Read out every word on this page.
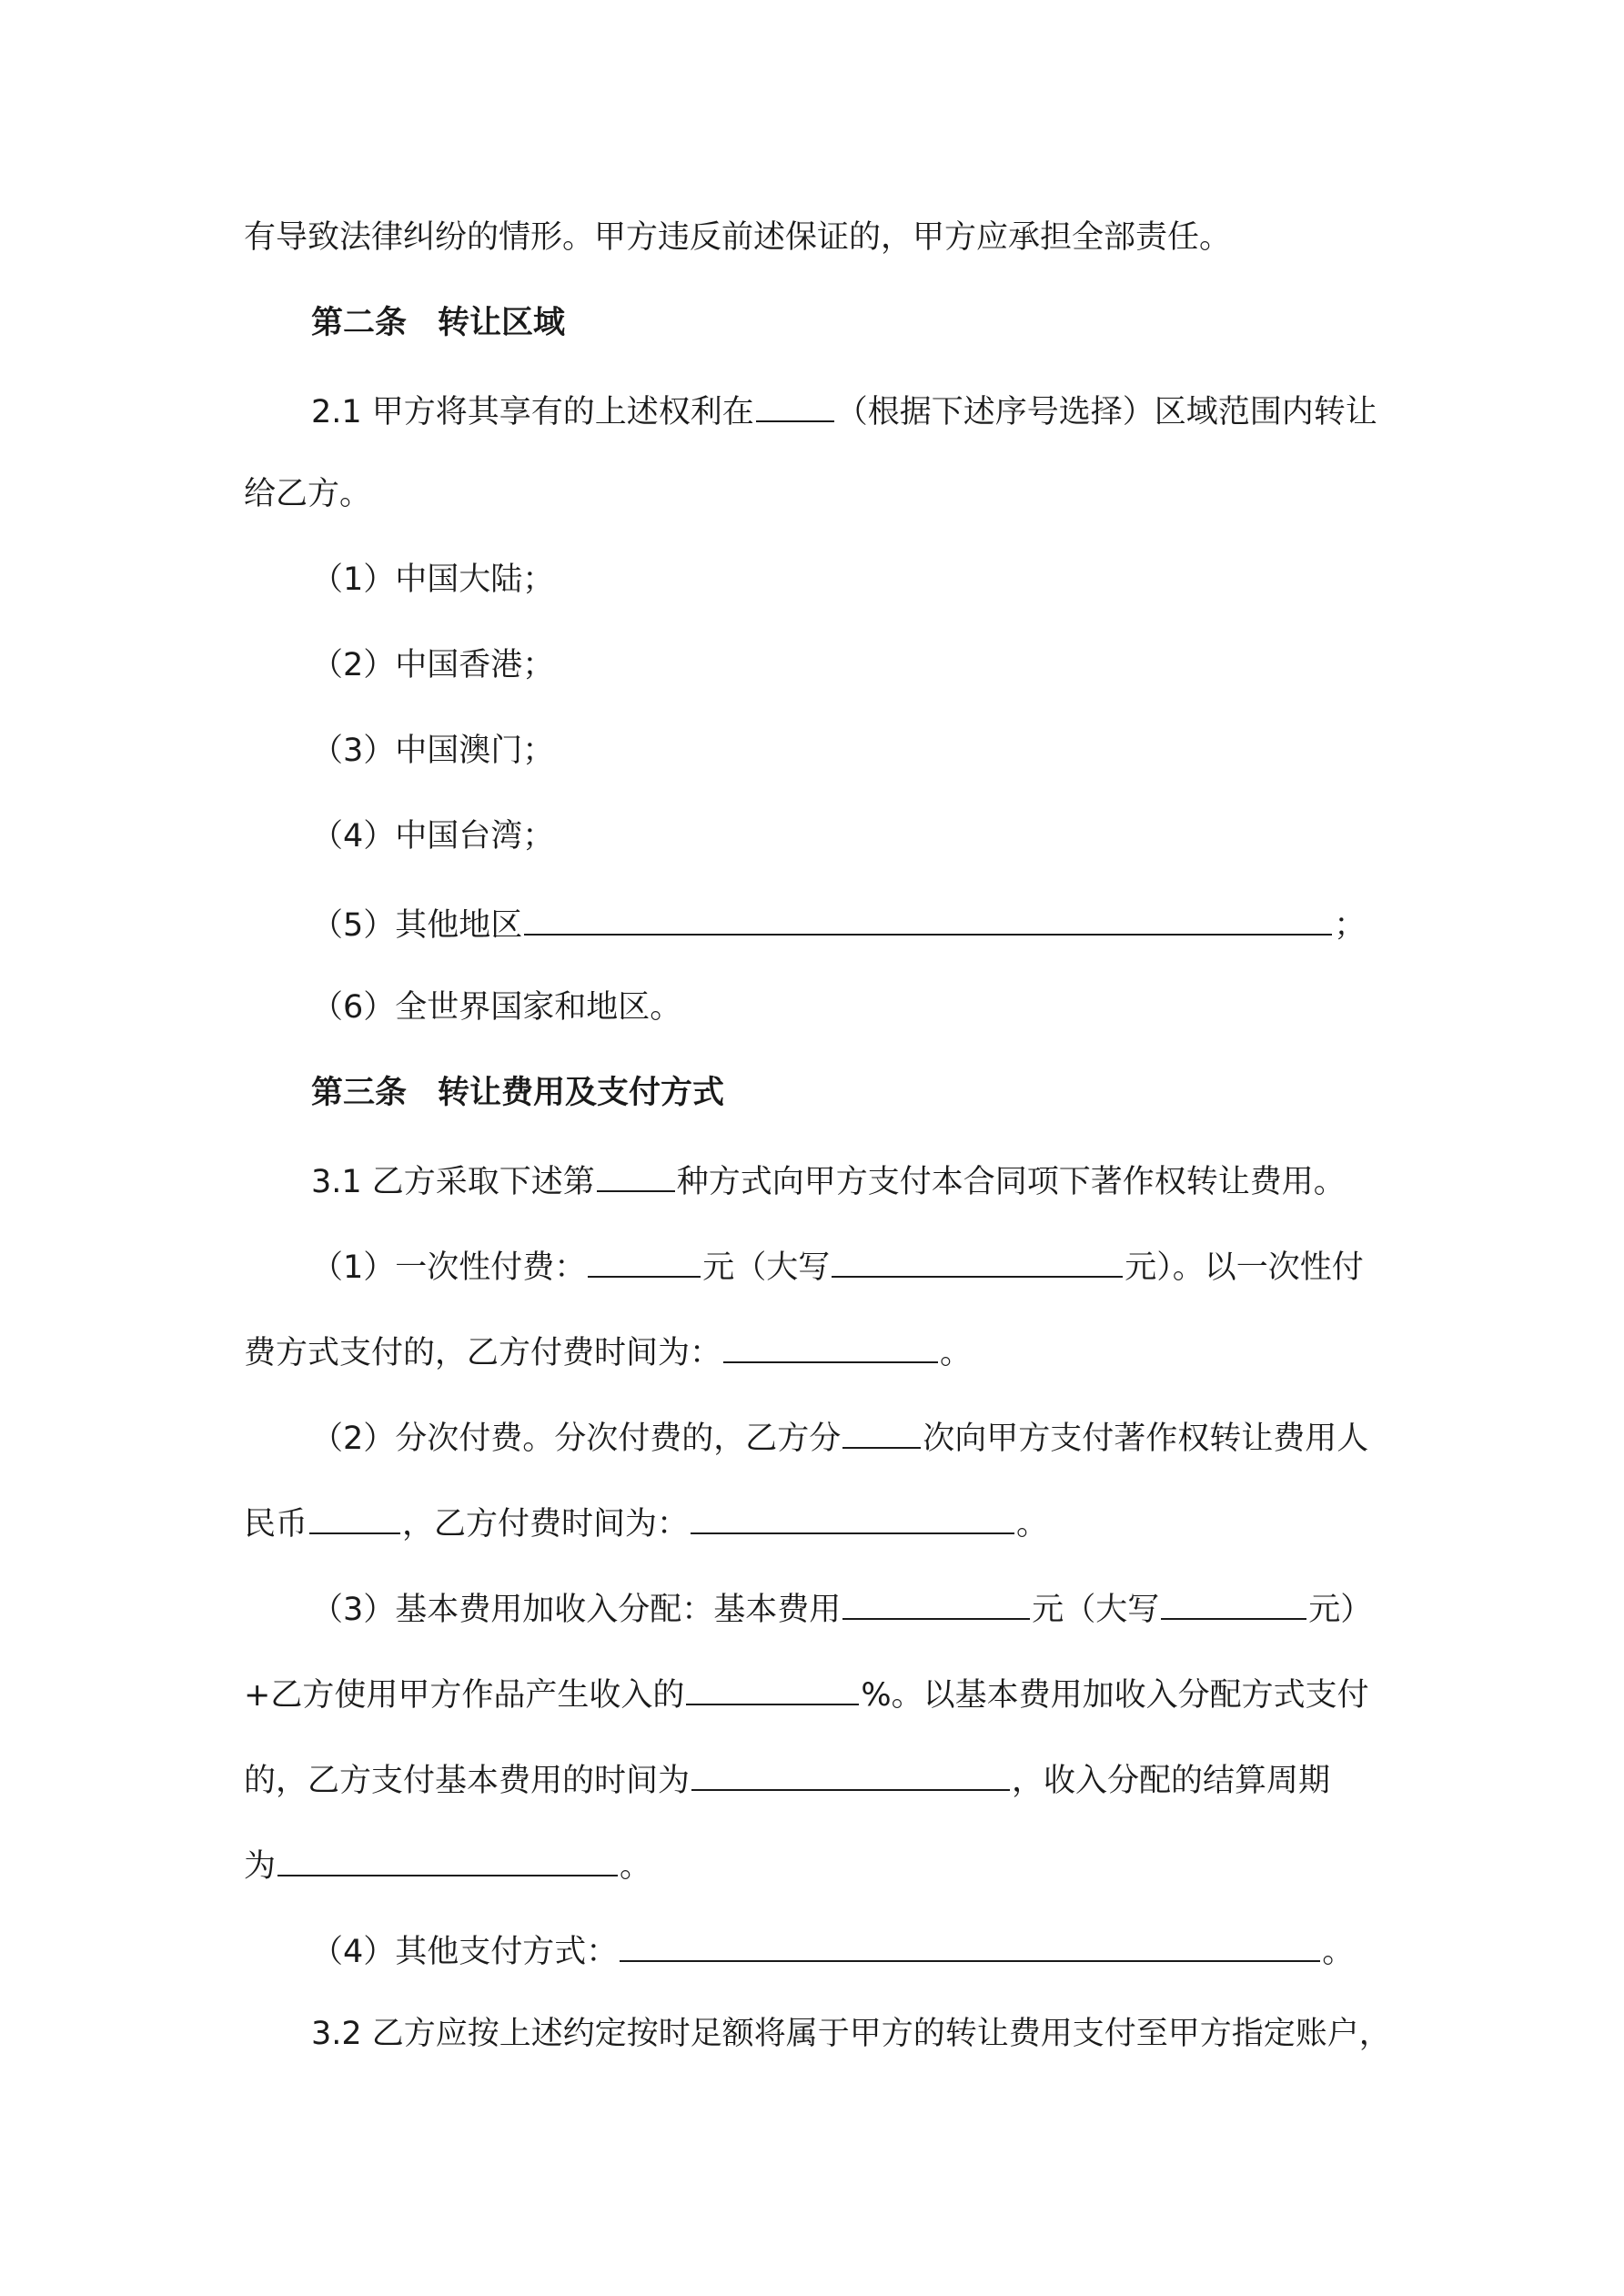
有导致法律纠纷的情形。甲方违反前述保证的，甲方应承担全部责任。
第二条 转让区域
2.1 甲方将其享有的上述权利在	（根据下述序号选择）区域范围内转让
给乙方。
（1）中国大陆；
（2）中国香港；
（3）中国澳门；
（4）中国台湾；
（5）其他地区	；
（6）全世界国家和地区。
第三条 转让费用及支付方式
3.1 乙方采取下述第	种方式向甲方支付本合同项下著作权转让费用。
（1）一次性付费：	元（大写	元）。以一次性付
费方式支付的，乙方付费时间为：	。
（2）分次付费。分次付费的，乙方分	次向甲方支付著作权转让费用人
民币	，乙方付费时间为：	。
（3）基本费用加收入分配：基本费用	元（大写	元）
+乙方使用甲方作品产生收入的	%。以基本费用加收入分配方式支付
的，乙方支付基本费用的时间为	，收入分配的结算周期
为	。
（4）其他支付方式：	。
3.2 乙方应按上述约定按时足额将属于甲方的转让费用支付至甲方指定账户，
